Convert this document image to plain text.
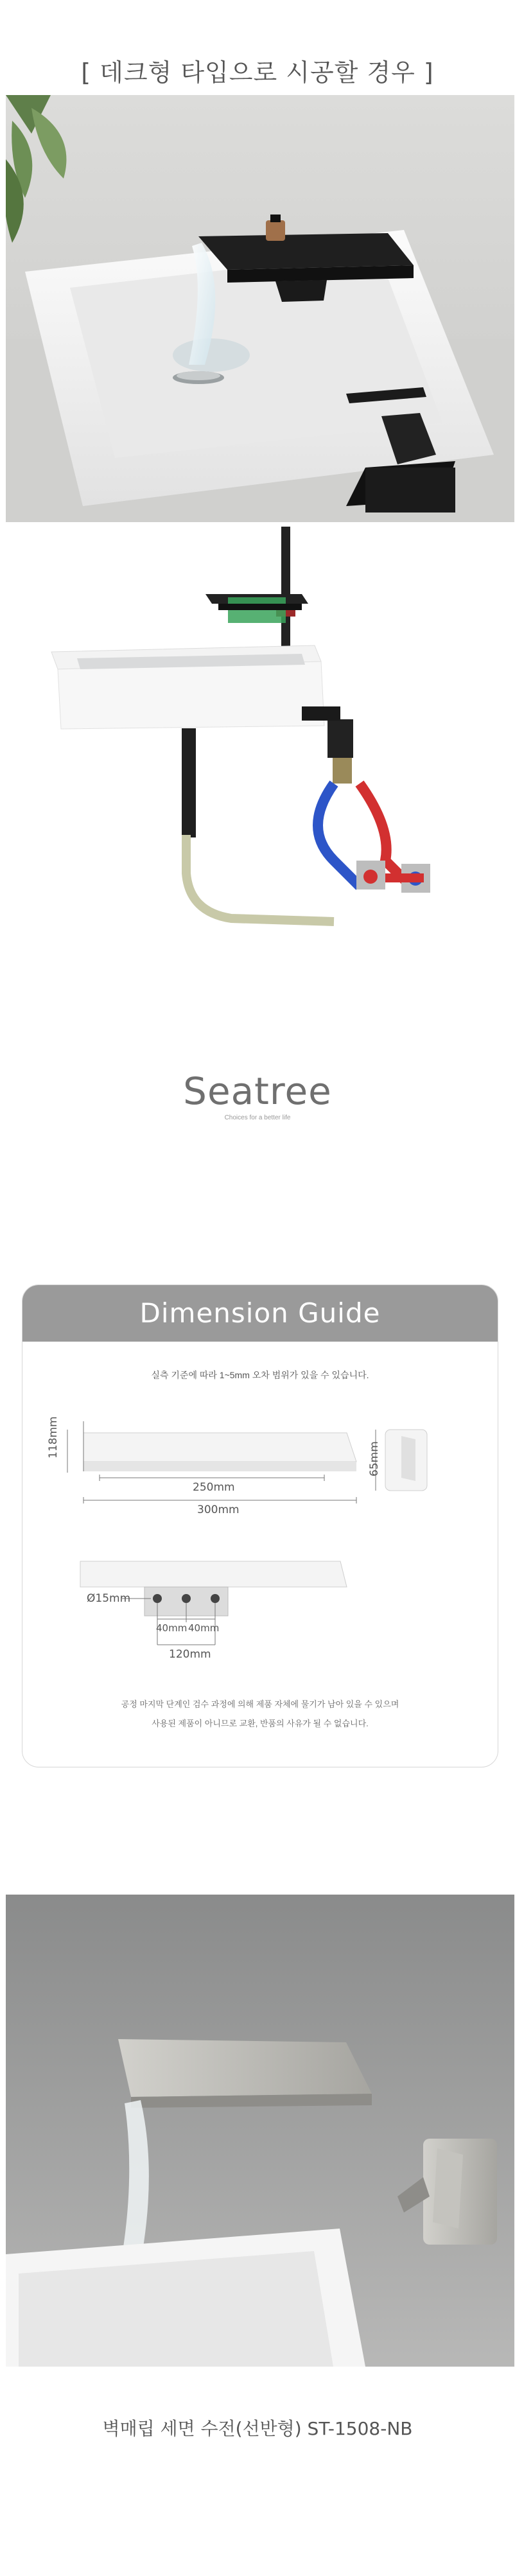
[ 데크형 타입으로 시공할 경우 ]
Seatree
Choices for a better life
Dimension Guide
실측 기준에 따라 1~5mm 오차 범위가 있을 수 있습니다.
118mm
250mm
300mm
65mm
Ø15mm
40mm 40mm
120mm
공정 마지막 단계인 검수 과정에 의해 제품 자체에 물기가 남아 있을 수 있으며
사용된 제품이 아니므로 교환, 반품의 사유가 될 수 없습니다.
벽매립 세면 수전(선반형) ST-1508-NB
